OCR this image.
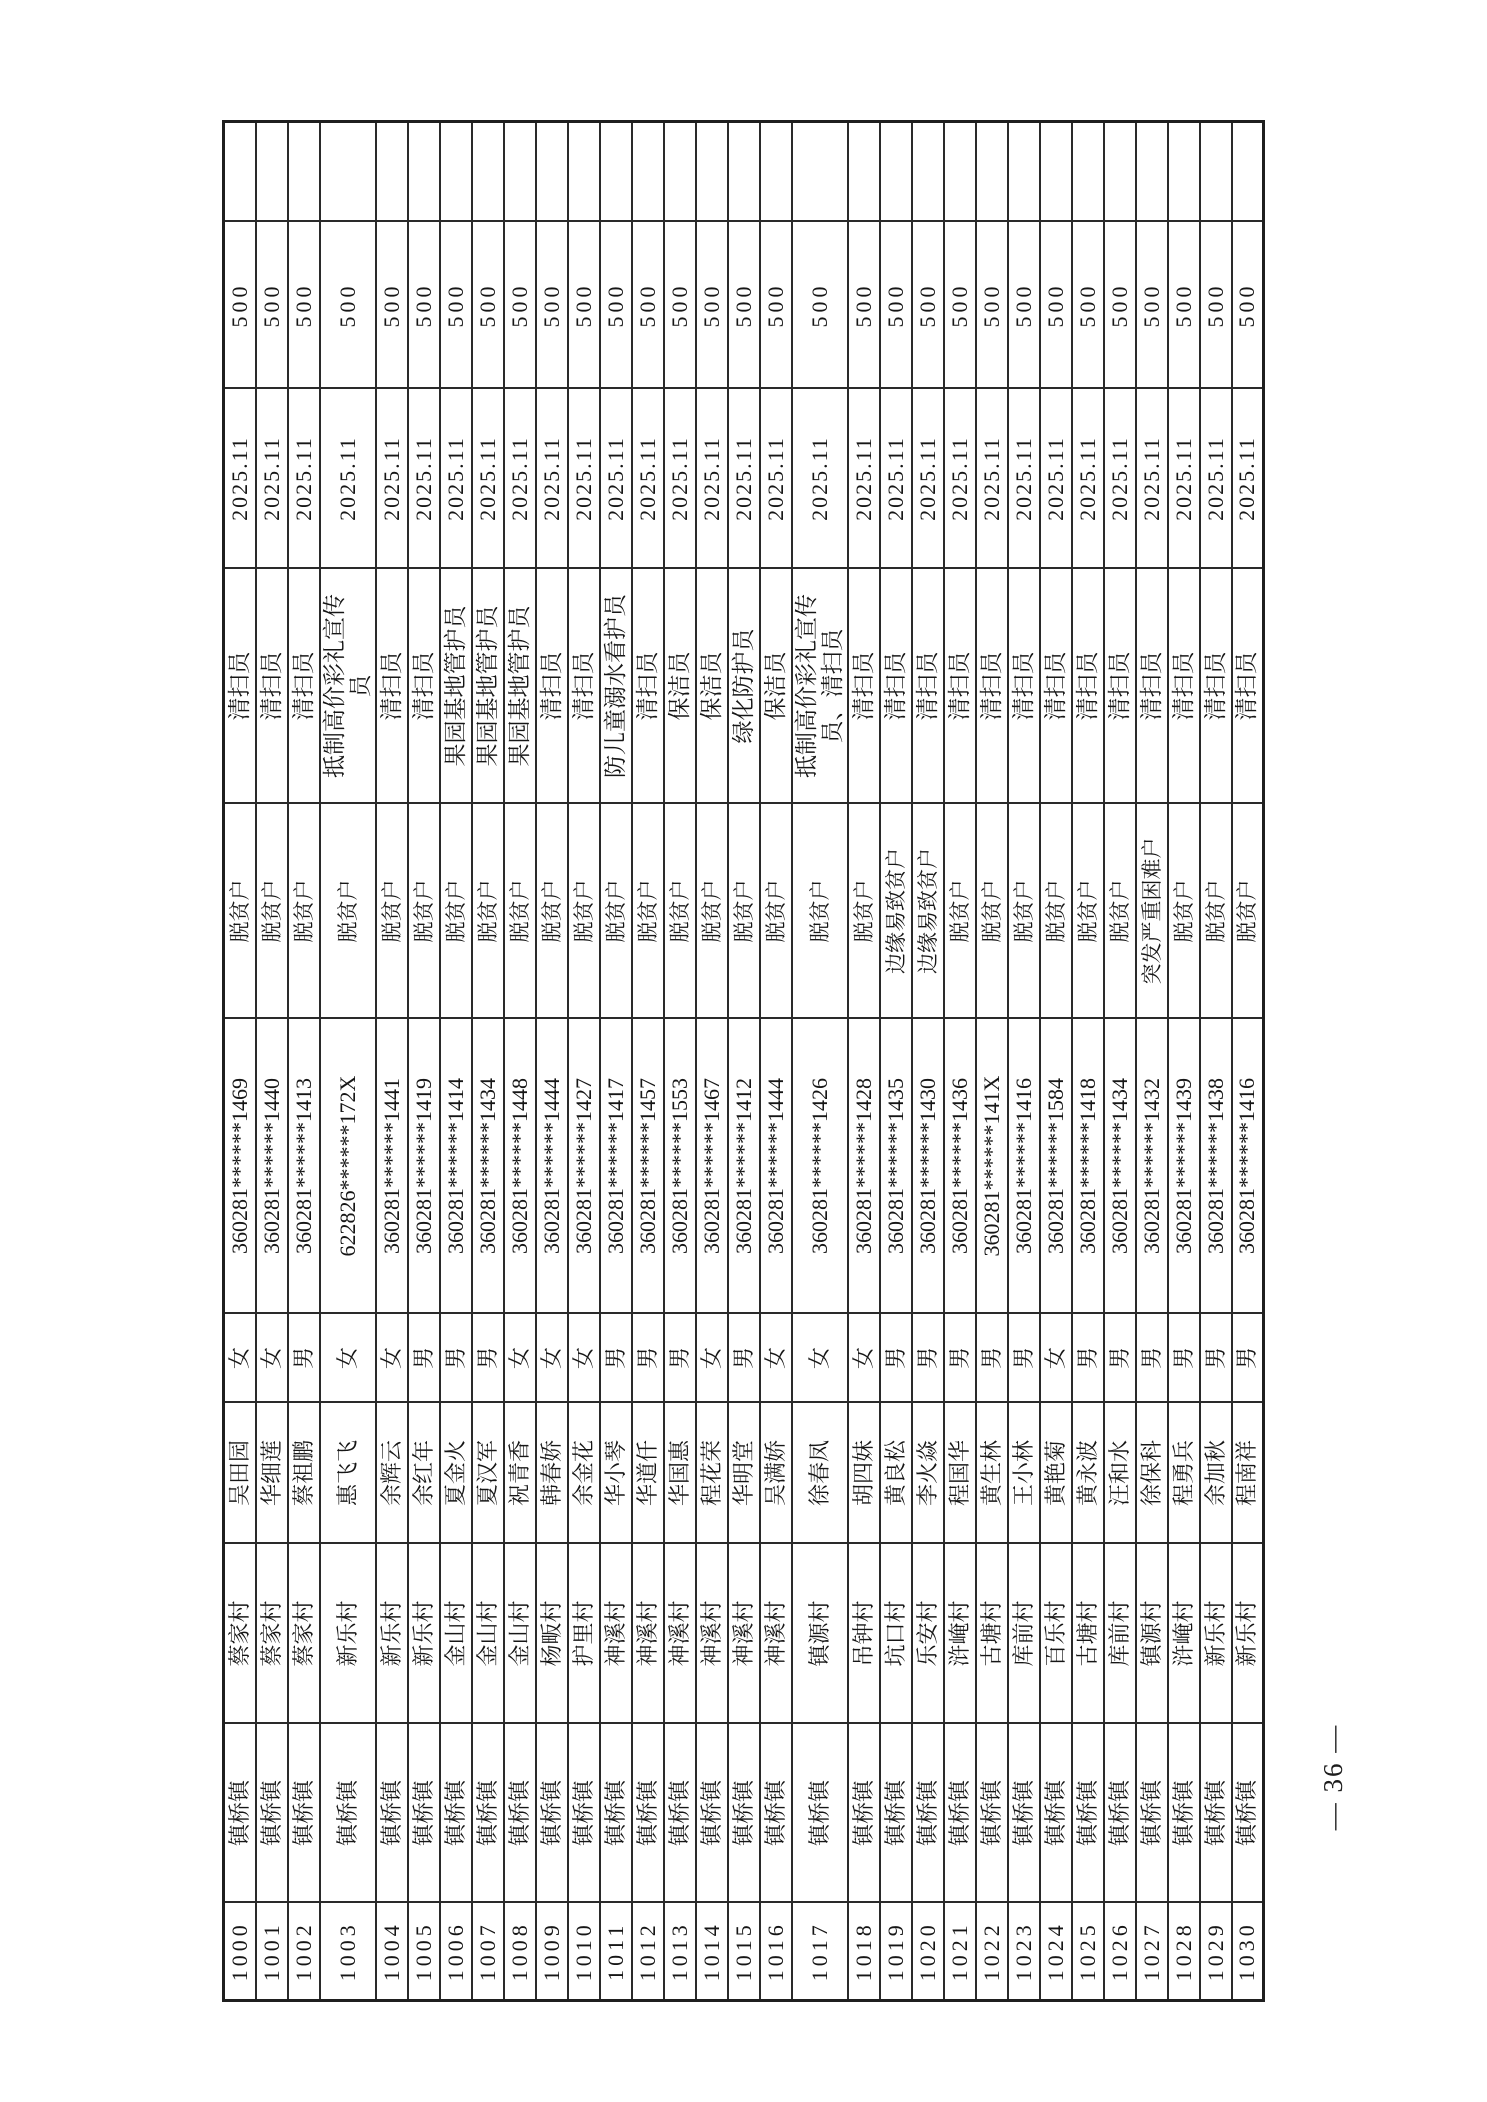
1000	镇桥镇	蔡家村	吴田园	女	360281******1469	脱贫户	清扫员	2025.11	500	
1001	镇桥镇	蔡家村	华细莲	女	360281******1440	脱贫户	清扫员	2025.11	500	
1002	镇桥镇	蔡家村	蔡祖鹏	男	360281******1413	脱贫户	清扫员	2025.11	500	
1003	镇桥镇	新乐村	惠飞飞	女	622826******172X	脱贫户	抵制高价彩礼宣传员	2025.11	500	
1004	镇桥镇	新乐村	余辉云	女	360281******1441	脱贫户	清扫员	2025.11	500	
1005	镇桥镇	新乐村	余红年	男	360281******1419	脱贫户	清扫员	2025.11	500	
1006	镇桥镇	金山村	夏金火	男	360281******1414	脱贫户	果园基地管护员	2025.11	500	
1007	镇桥镇	金山村	夏汉军	男	360281******1434	脱贫户	果园基地管护员	2025.11	500	
1008	镇桥镇	金山村	祝青香	女	360281******1448	脱贫户	果园基地管护员	2025.11	500	
1009	镇桥镇	杨畈村	韩春娇	女	360281******1444	脱贫户	清扫员	2025.11	500	
1010	镇桥镇	护里村	余金花	女	360281******1427	脱贫户	清扫员	2025.11	500	
1011	镇桥镇	神溪村	华小琴	男	360281******1417	脱贫户	防儿童溺水看护员	2025.11	500	
1012	镇桥镇	神溪村	华道仟	男	360281******1457	脱贫户	清扫员	2025.11	500	
1013	镇桥镇	神溪村	华国惠	男	360281******1553	脱贫户	保洁员	2025.11	500	
1014	镇桥镇	神溪村	程花荣	女	360281******1467	脱贫户	保洁员	2025.11	500	
1015	镇桥镇	神溪村	华明堂	男	360281******1412	脱贫户	绿化防护员	2025.11	500	
1016	镇桥镇	神溪村	吴满娇	女	360281******1444	脱贫户	保洁员	2025.11	500	
1017	镇桥镇	镇源村	徐春凤	女	360281******1426	脱贫户	抵制高价彩礼宣传员、清扫员	2025.11	500	
1018	镇桥镇	吊钟村	胡四妹	女	360281******1428	脱贫户	清扫员	2025.11	500	
1019	镇桥镇	坑口村	黄良松	男	360281******1435	边缘易致贫户	清扫员	2025.11	500	
1020	镇桥镇	乐安村	李火焱	男	360281******1430	边缘易致贫户	清扫员	2025.11	500	
1021	镇桥镇	浒崦村	程国华	男	360281******1436	脱贫户	清扫员	2025.11	500	
1022	镇桥镇	古塘村	黄生林	男	360281******141X	脱贫户	清扫员	2025.11	500	
1023	镇桥镇	库前村	王小林	男	360281******1416	脱贫户	清扫员	2025.11	500	
1024	镇桥镇	百乐村	黄艳菊	女	360281******1584	脱贫户	清扫员	2025.11	500	
1025	镇桥镇	古塘村	黄永波	男	360281******1418	脱贫户	清扫员	2025.11	500	
1026	镇桥镇	库前村	汪和水	男	360281******1434	脱贫户	清扫员	2025.11	500	
1027	镇桥镇	镇源村	徐保科	男	360281******1432	突发严重困难户	清扫员	2025.11	500	
1028	镇桥镇	浒崦村	程勇兵	男	360281******1439	脱贫户	清扫员	2025.11	500	
1029	镇桥镇	新乐村	余加秋	男	360281******1438	脱贫户	清扫员	2025.11	500	
1030	镇桥镇	新乐村	程南祥	男	360281******1416	脱贫户	清扫员	2025.11	500	
— 36 —
